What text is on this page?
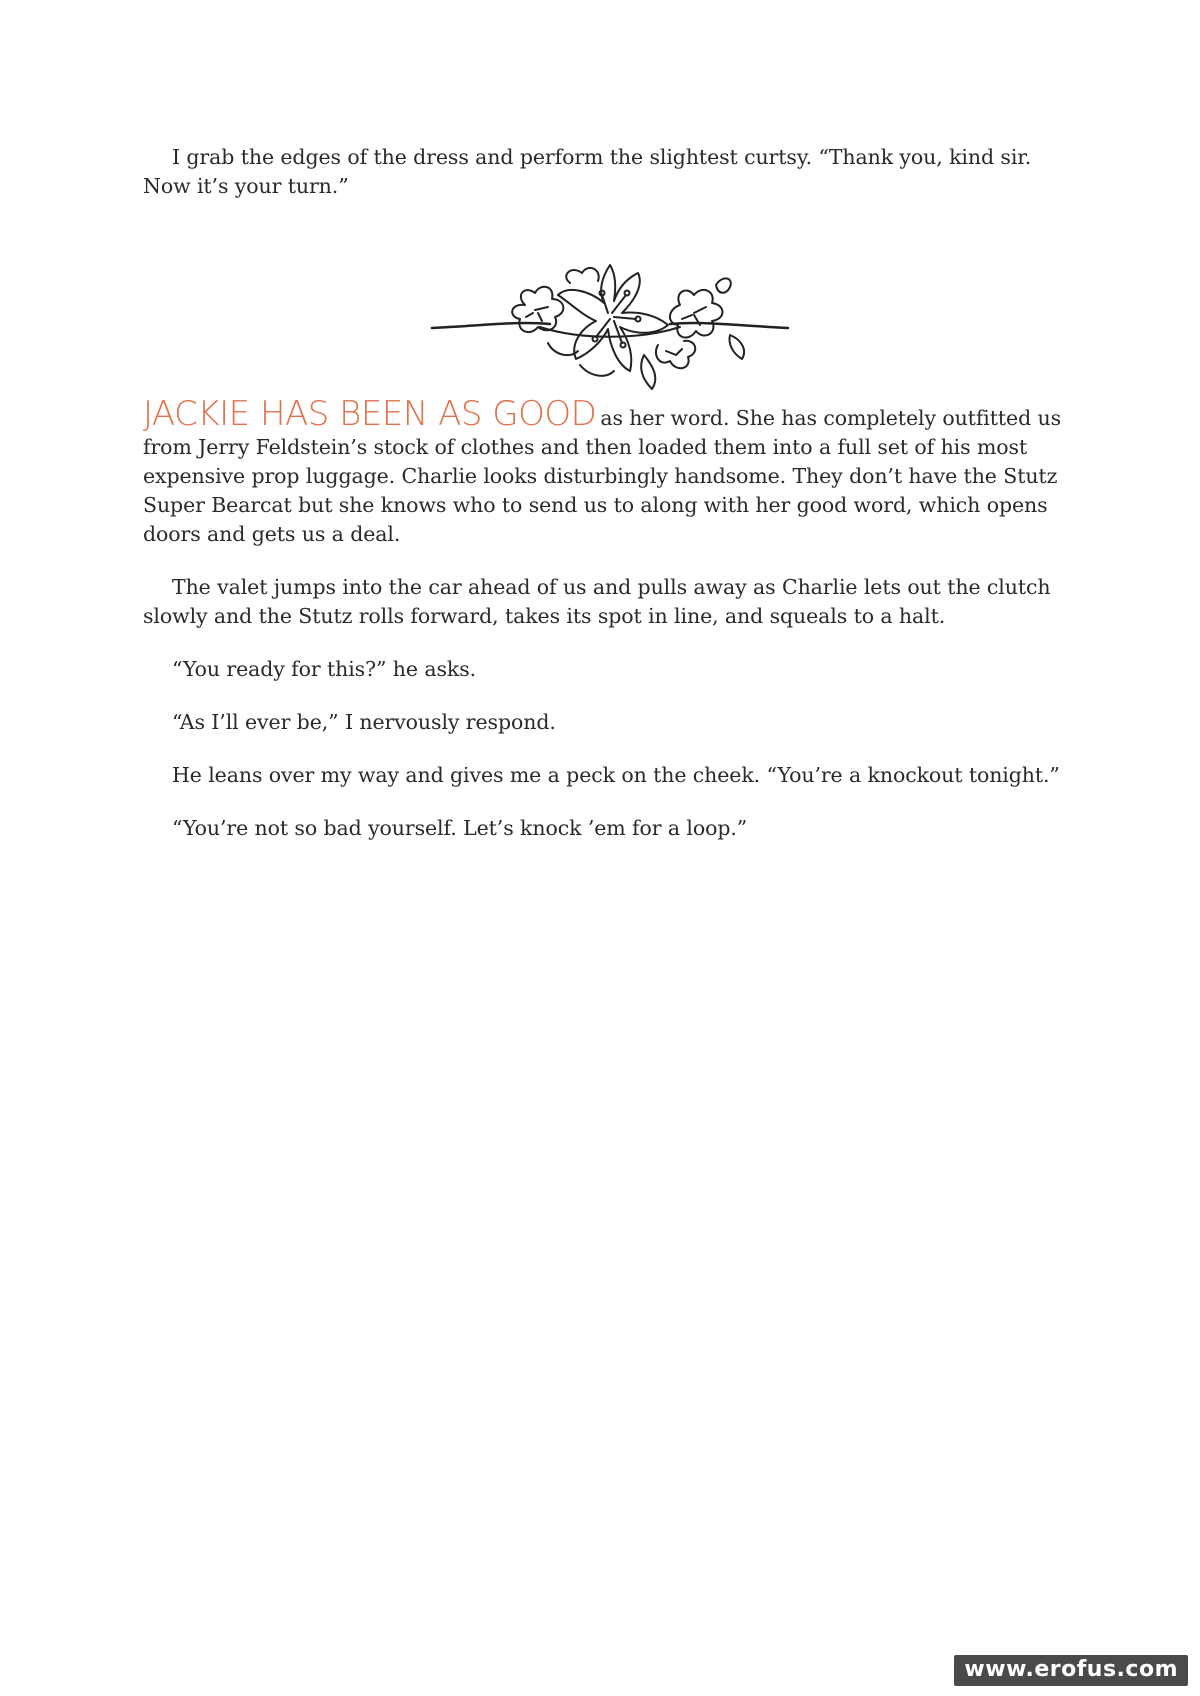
I grab the edges of the dress and perform the slightest curtsy. “Thank you, kind sir. Now it’s your turn.”

JACKIE HAS BEEN AS GOOD as her word. She has completely outfitted us from Jerry Feldstein’s stock of clothes and then loaded them into a full set of his most expensive prop luggage. Charlie looks disturbingly handsome. They don’t have the Stutz Super Bearcat but she knows who to send us to along with her good word, which opens doors and gets us a deal.

The valet jumps into the car ahead of us and pulls away as Charlie lets out the clutch slowly and the Stutz rolls forward, takes its spot in line, and squeals to a halt.

“You ready for this?” he asks.

“As I’ll ever be,” I nervously respond.

He leans over my way and gives me a peck on the cheek. “You’re a knockout tonight.”

“You’re not so bad yourself. Let’s knock ’em for a loop.”

www.erofus.com
